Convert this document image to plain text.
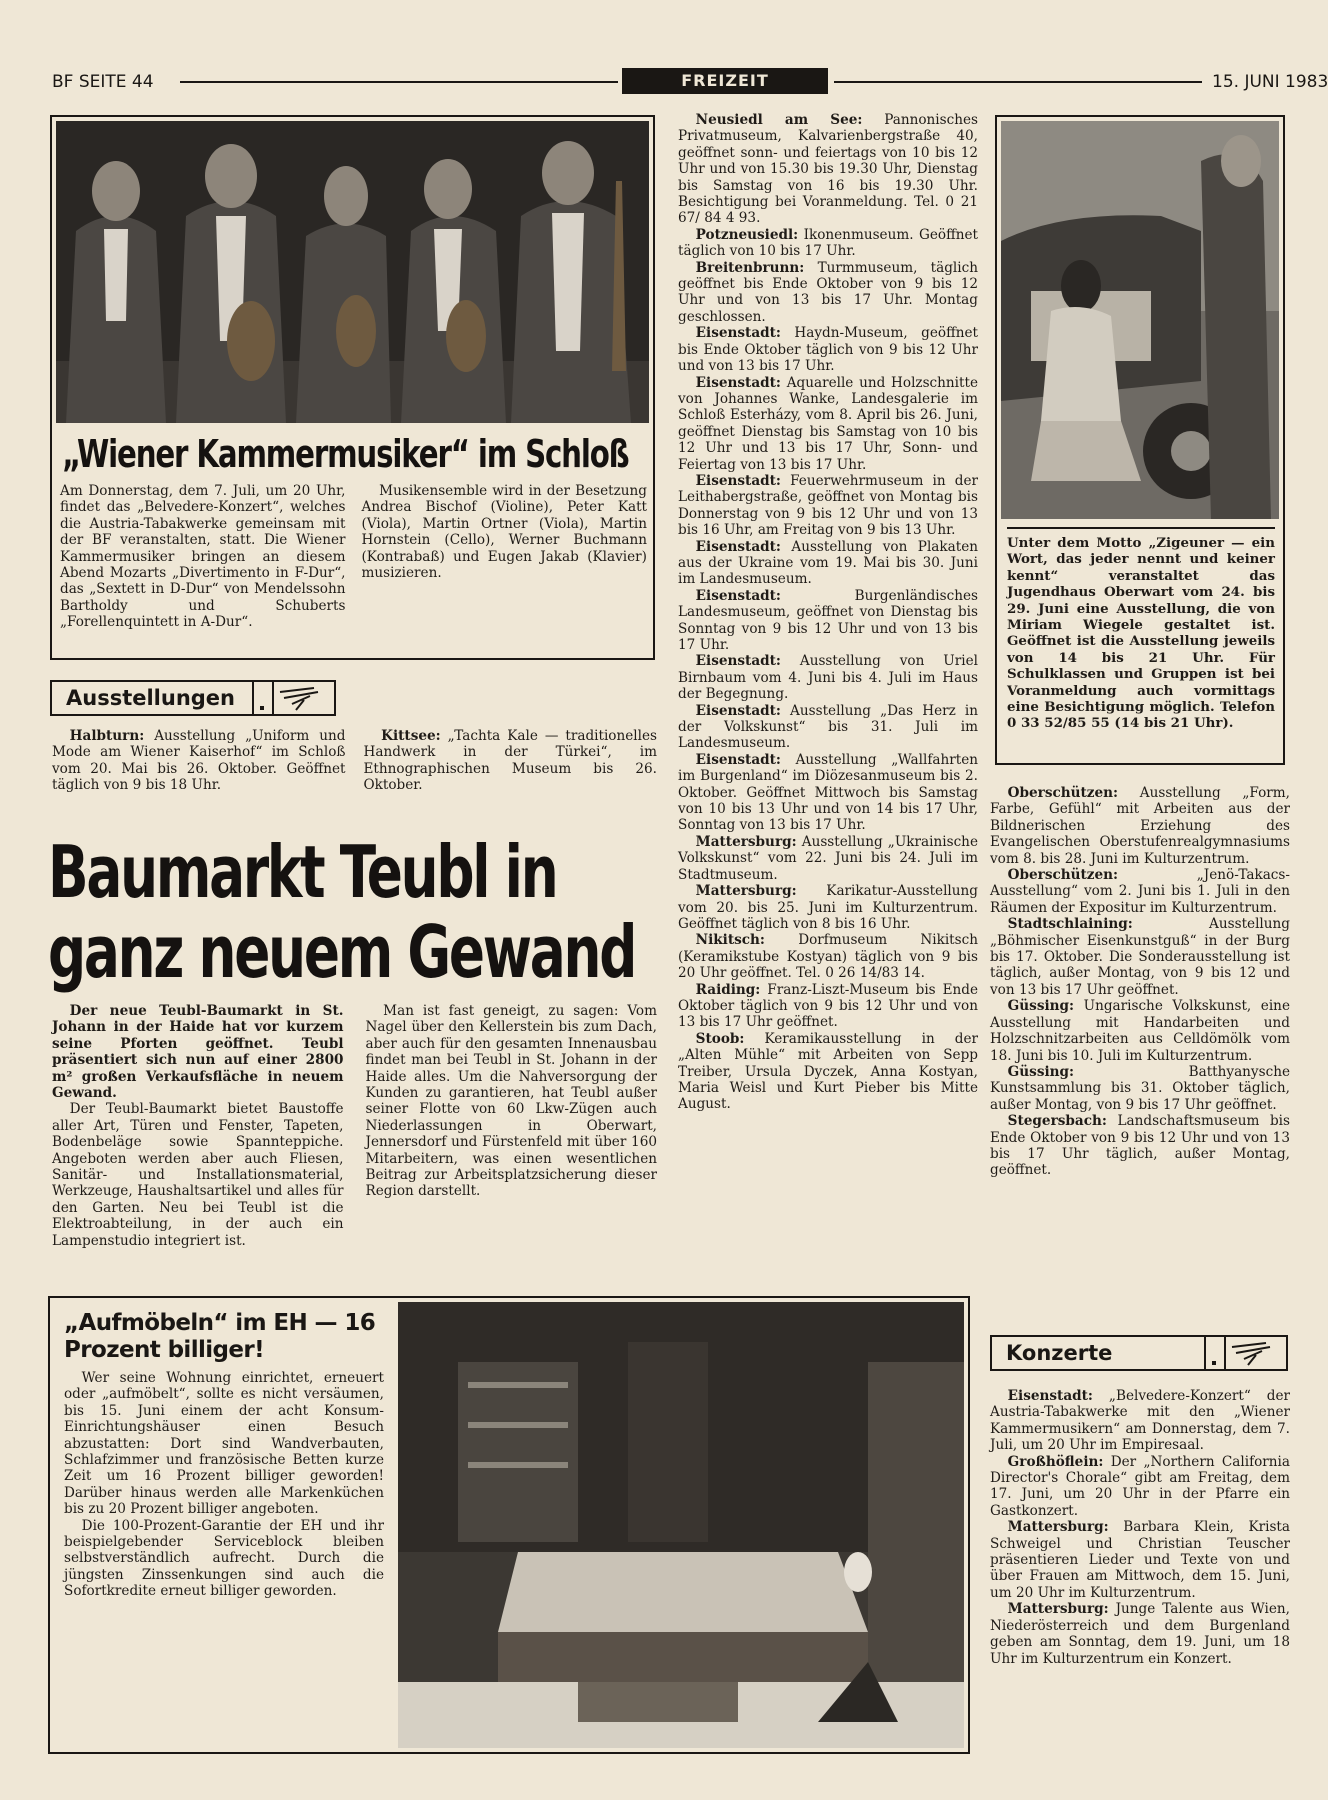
BF SEITE 44	FREIZEIT	15. JUNI 1983
„Wiener Kammermusiker“ im Schloß

Am Donnerstag, dem 7. Juli, um 20 Uhr, findet das „Belvedere-Konzert“, welches die Austria-Tabakwerke gemeinsam mit der BF veranstalten, statt. Die Wiener Kammermusiker bringen an diesem Abend Mozarts „Divertimento in F-Dur“, das „Sextett in D-Dur“ von Mendelssohn Bartholdy und Schuberts „Forellenquintett in A-Dur“.

Musikensemble wird in der Besetzung Andrea Bischof (Violine), Peter Katt (Viola), Martin Ortner (Viola), Martin Hornstein (Cello), Werner Buchmann (Kontrabaß) und Eugen Jakab (Klavier) musizieren.

Ausstellungen

Halbturn: Ausstellung „Uniform und Mode am Wiener Kaiserhof“ im Schloß vom 20. Mai bis 26. Oktober. Geöffnet täglich von 9 bis 18 Uhr.

Kittsee: „Tachta Kale — traditionelles Handwerk in der Türkei“, im Ethnographischen Museum bis 26. Oktober.

Neusiedl am See: Pannonisches Privatmuseum, Kalvarienbergstraße 40, geöffnet sonn- und feiertags von 10 bis 12 Uhr und von 15.30 bis 19.30 Uhr, Dienstag bis Samstag von 16 bis 19.30 Uhr. Besichtigung bei Voranmeldung. Tel. 0 21 67/ 84 4 93.

Potzneusiedl: Ikonenmuseum. Geöffnet täglich von 10 bis 17 Uhr.

Breitenbrunn: Turmmuseum, täglich geöffnet bis Ende Oktober von 9 bis 12 Uhr und von 13 bis 17 Uhr. Montag geschlossen.

Eisenstadt: Haydn-Museum, geöffnet bis Ende Oktober täglich von 9 bis 12 Uhr und von 13 bis 17 Uhr.

Eisenstadt: Aquarelle und Holzschnitte von Johannes Wanke, Landesgalerie im Schloß Esterházy, vom 8. April bis 26. Juni, geöffnet Dienstag bis Samstag von 10 bis 12 Uhr und 13 bis 17 Uhr, Sonn- und Feiertag von 13 bis 17 Uhr.

Eisenstadt: Feuerwehrmuseum in der Leithabergstraße, geöffnet von Montag bis Donnerstag von 9 bis 12 Uhr und von 13 bis 16 Uhr, am Freitag von 9 bis 13 Uhr.

Eisenstadt: Ausstellung von Plakaten aus der Ukraine vom 19. Mai bis 30. Juni im Landesmuseum.

Eisenstadt:	Burgenländisches Landesmuseum, geöffnet von Dienstag bis Sonntag von 9 bis 12 Uhr und von 13 bis 17 Uhr.

Eisenstadt: Ausstellung von Uriel Birnbaum vom 4. Juni bis 4. Juli im Haus der Begegnung.

Eisenstadt: Ausstellung „Das Herz in der Volkskunst“ bis 31. Juli im Landesmuseum.

Eisenstadt: Ausstellung „Wallfahrten im Burgenland“ im Diözesanmuseum bis 2. Oktober. Geöffnet Mittwoch bis Samstag von 10 bis 13 Uhr und von 14 bis 17 Uhr, Sonntag von 13 bis 17 Uhr.

Mattersburg: Ausstellung „Ukrainische Volkskunst“ vom 22. Juni bis 24. Juli im Stadtmuseum.

Mattersburg: Karikatur-Ausstellung vom 20. bis 25. Juni im Kulturzentrum. Geöffnet täglich von 8 bis 16 Uhr.

Nikitsch: Dorfmuseum Nikitsch (Keramikstube Kostyan) täglich von 9 bis 20 Uhr geöffnet. Tel. 0 26 14/83 14.

Raiding: Franz-Liszt-Museum bis Ende Oktober täglich von 9 bis 12 Uhr und von 13 bis 17 Uhr geöffnet.

Stoob: Keramikausstellung in der „Alten Mühle“ mit Arbeiten von Sepp Treiber, Ursula Dyczek, Anna Kostyan, Maria Weisl und Kurt Pieber bis Mitte August.

Unter dem Motto „Zigeuner — ein Wort, das jeder nennt und keiner kennt“ veranstaltet das Jugendhaus Oberwart vom 24. bis 29. Juni eine Ausstellung, die von Miriam Wiegele gestaltet ist. Geöffnet ist die Ausstellung jeweils von 14 bis 21 Uhr. Für Schulklassen und Gruppen ist bei Voranmeldung auch vormittags eine Besichtigung möglich. Telefon 0 33 52/85 55 (14 bis 21 Uhr).

Oberschützen: Ausstellung „Form, Farbe, Gefühl“ mit Arbeiten aus der Bildnerischen Erziehung des Evangelischen Oberstufenrealgymnasiums vom 8. bis 28. Juni im Kulturzentrum.

Oberschützen:	„Jenö-Takacs-Ausstellung“ vom 2. Juni bis 1. Juli in den Räumen der Expositur im Kulturzentrum.

Stadtschlaining:	Ausstellung „Böhmischer Eisenkunstguß“ in der Burg bis 17. Oktober. Die Sonderausstellung ist täglich, außer Montag, von 9 bis 12 und von 13 bis 17 Uhr geöffnet.

Güssing: Ungarische Volkskunst, eine Ausstellung mit Handarbeiten und Holzschnitzarbeiten aus Celldömölk vom 18. Juni bis 10. Juli im Kulturzentrum.

Güssing:	Batthyanysche Kunstsammlung bis 31. Oktober täglich, außer Montag, von 9 bis 17 Uhr geöffnet.

Stegersbach: Landschaftsmuseum bis Ende Oktober von 9 bis 12 Uhr und von 13 bis 17 Uhr täglich, außer Montag, geöffnet.

Konzerte

Eisenstadt: „Belvedere-Konzert“ der Austria-Tabakwerke mit den „Wiener Kammermusikern“ am Donnerstag, dem 7. Juli, um 20 Uhr im Empiresaal.

Großhöflein: Der „Northern California Director's Chorale“ gibt am Freitag, dem 17. Juni, um 20 Uhr in der Pfarre ein Gastkonzert.

Mattersburg: Barbara Klein, Krista Schweigel und Christian Teuscher präsentieren Lieder und Texte von und über Frauen am Mittwoch, dem 15. Juni, um 20 Uhr im Kulturzentrum.

Mattersburg: Junge Talente aus Wien, Niederösterreich und dem Burgenland geben am Sonntag, dem 19. Juni, um 18 Uhr im Kulturzentrum ein Konzert.

Baumarkt Teubl in
ganz neuem Gewand

Der neue Teubl-Baumarkt in St. Johann in der Haide hat vor kurzem seine Pforten geöffnet. Teubl präsentiert sich nun auf einer 2800 m² großen Verkaufsfläche in neuem Gewand.

Der Teubl-Baumarkt bietet Baustoffe aller Art, Türen und Fenster, Tapeten, Bodenbeläge sowie Spannteppiche. Angeboten werden aber auch Fliesen, Sanitär- und Installationsmaterial, Werkzeuge, Haushaltsartikel und alles für den Garten. Neu bei Teubl ist die Elektroabteilung, in der auch ein Lampenstudio integriert ist.

Man ist fast geneigt, zu sagen: Vom Nagel über den Kellerstein bis zum Dach, aber auch für den gesamten Innenausbau findet man bei Teubl in St. Johann in der Haide alles. Um die Nahversorgung der Kunden zu garantieren, hat Teubl außer seiner Flotte von 60 Lkw-Zügen auch Niederlassungen in Oberwart, Jennersdorf und Fürstenfeld mit über 160 Mitarbeitern, was einen wesentlichen Beitrag zur Arbeitsplatzsicherung dieser Region darstellt.

„Aufmöbeln“ im EH — 16 Prozent billiger!

Wer seine Wohnung einrichtet, erneuert oder „aufmöbelt“, sollte es nicht versäumen, bis 15. Juni einem der acht Konsum-Einrichtungshäuser einen Besuch abzustatten: Dort sind Wandverbauten, Schlafzimmer und französische Betten kurze Zeit um 16 Prozent billiger geworden! Darüber hinaus werden alle Markenküchen bis zu 20 Prozent billiger angeboten.

Die 100-Prozent-Garantie der EH und ihr beispielgebender Serviceblock bleiben selbstverständlich aufrecht. Durch die jüngsten Zinssenkungen sind auch die Sofortkredite erneut billiger geworden.
